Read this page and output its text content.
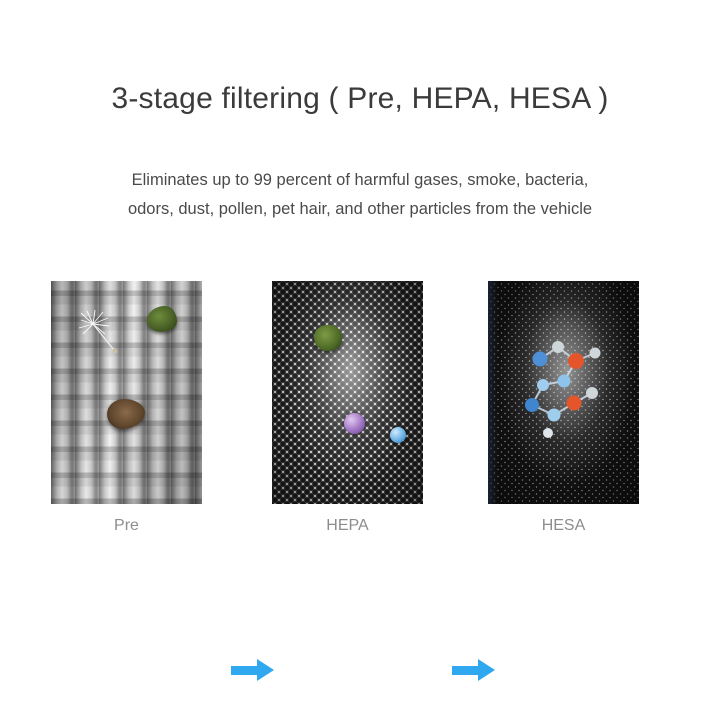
3-stage filtering ( Pre, HEPA, HESA )
Eliminates up to 99 percent of harmful gases, smoke, bacteria,
odors, dust, pollen, pet hair, and other particles from the vehicle
Pre	HEPA	HESA
